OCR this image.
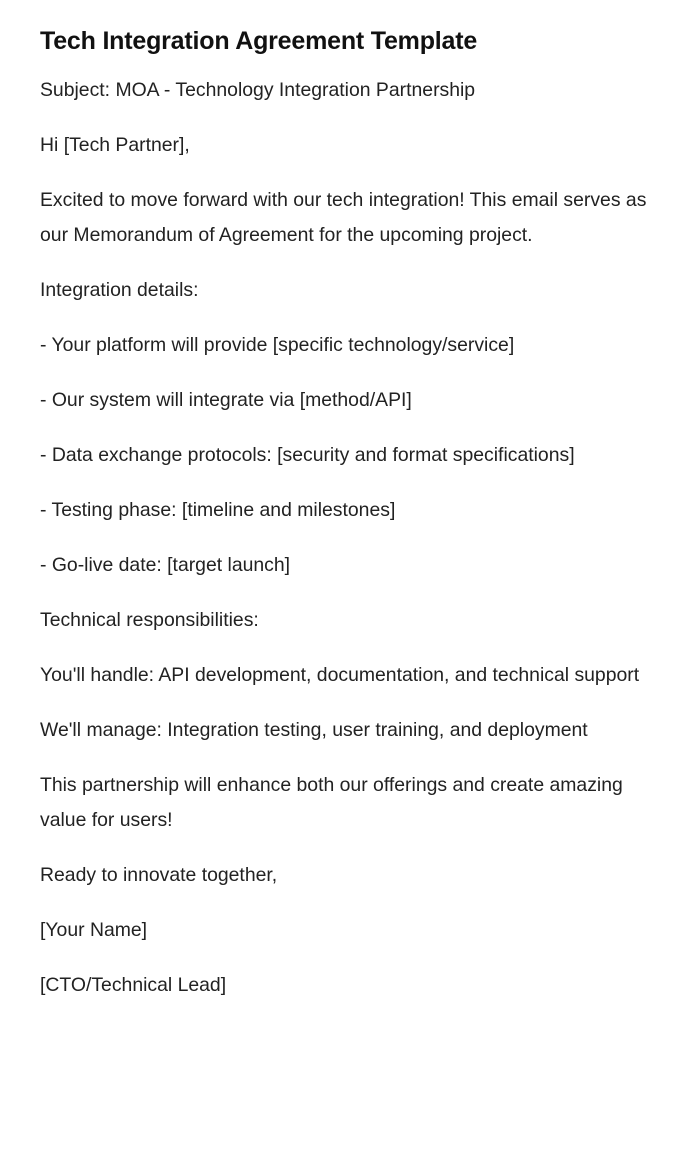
Tech Integration Agreement Template

Subject: MOA - Technology Integration Partnership

Hi [Tech Partner],

Excited to move forward with our tech integration! This email serves as our Memorandum of Agreement for the upcoming project.

Integration details:

- Your platform will provide [specific technology/service]

- Our system will integrate via [method/API]

- Data exchange protocols: [security and format specifications]

- Testing phase: [timeline and milestones]

- Go-live date: [target launch]

Technical responsibilities:

You'll handle: API development, documentation, and technical support

We'll manage: Integration testing, user training, and deployment

This partnership will enhance both our offerings and create amazing value for users!

Ready to innovate together,

[Your Name]

[CTO/Technical Lead]
